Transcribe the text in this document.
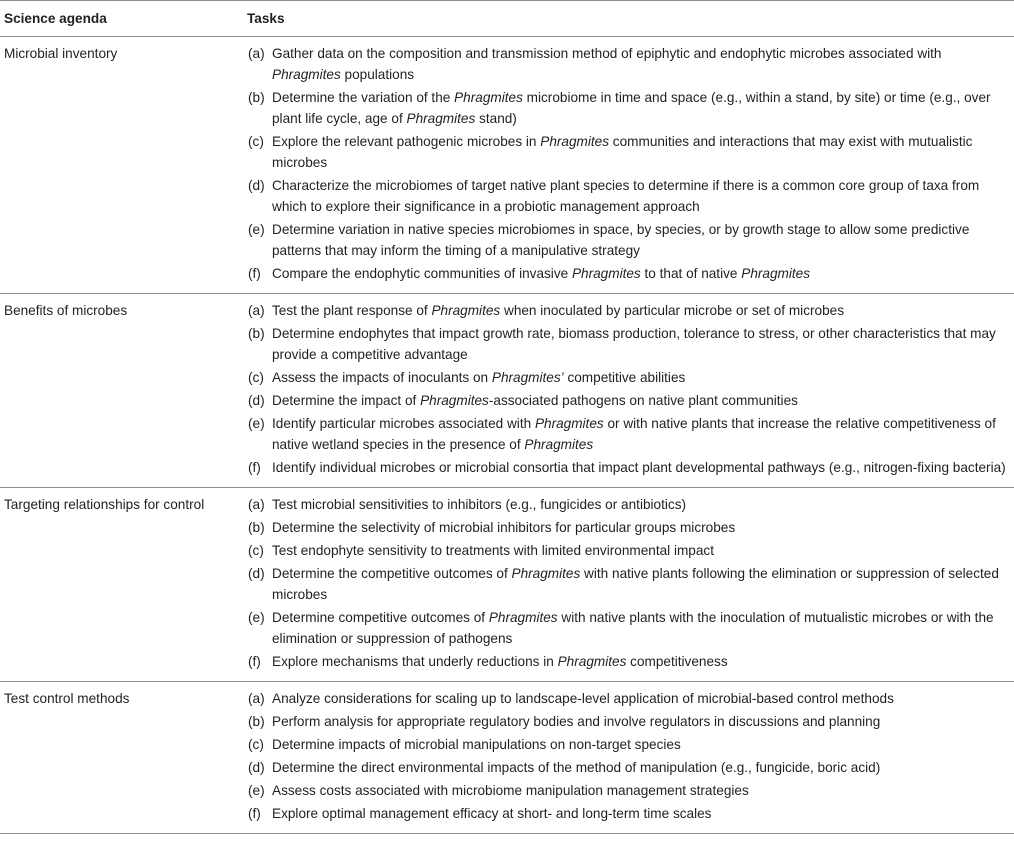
Science agenda	Tasks
Microbial inventory	(a) Gather data on the composition and transmission method of epiphytic and endophytic microbes associated with Phragmites populations
(b) Determine the variation of the Phragmites microbiome in time and space (e.g., within a stand, by site) or time (e.g., over plant life cycle, age of Phragmites stand)
(c) Explore the relevant pathogenic microbes in Phragmites communities and interactions that may exist with mutualistic microbes
(d) Characterize the microbiomes of target native plant species to determine if there is a common core group of taxa from which to explore their significance in a probiotic management approach
(e) Determine variation in native species microbiomes in space, by species, or by growth stage to allow some predictive patterns that may inform the timing of a manipulative strategy
(f) Compare the endophytic communities of invasive Phragmites to that of native Phragmites
Benefits of microbes	(a) Test the plant response of Phragmites when inoculated by particular microbe or set of microbes
(b) Determine endophytes that impact growth rate, biomass production, tolerance to stress, or other characteristics that may provide a competitive advantage
(c) Assess the impacts of inoculants on Phragmites’ competitive abilities
(d) Determine the impact of Phragmites-associated pathogens on native plant communities
(e) Identify particular microbes associated with Phragmites or with native plants that increase the relative competitiveness of native wetland species in the presence of Phragmites
(f) Identify individual microbes or microbial consortia that impact plant developmental pathways (e.g., nitrogen-fixing bacteria)
Targeting relationships for control	(a) Test microbial sensitivities to inhibitors (e.g., fungicides or antibiotics)
(b) Determine the selectivity of microbial inhibitors for particular groups microbes
(c) Test endophyte sensitivity to treatments with limited environmental impact
(d) Determine the competitive outcomes of Phragmites with native plants following the elimination or suppression of selected microbes
(e) Determine competitive outcomes of Phragmites with native plants with the inoculation of mutualistic microbes or with the elimination or suppression of pathogens
(f) Explore mechanisms that underly reductions in Phragmites competitiveness
Test control methods	(a) Analyze considerations for scaling up to landscape-level application of microbial-based control methods
(b) Perform analysis for appropriate regulatory bodies and involve regulators in discussions and planning
(c) Determine impacts of microbial manipulations on non-target species
(d) Determine the direct environmental impacts of the method of manipulation (e.g., fungicide, boric acid)
(e) Assess costs associated with microbiome manipulation management strategies
(f) Explore optimal management efficacy at short- and long-term time scales
